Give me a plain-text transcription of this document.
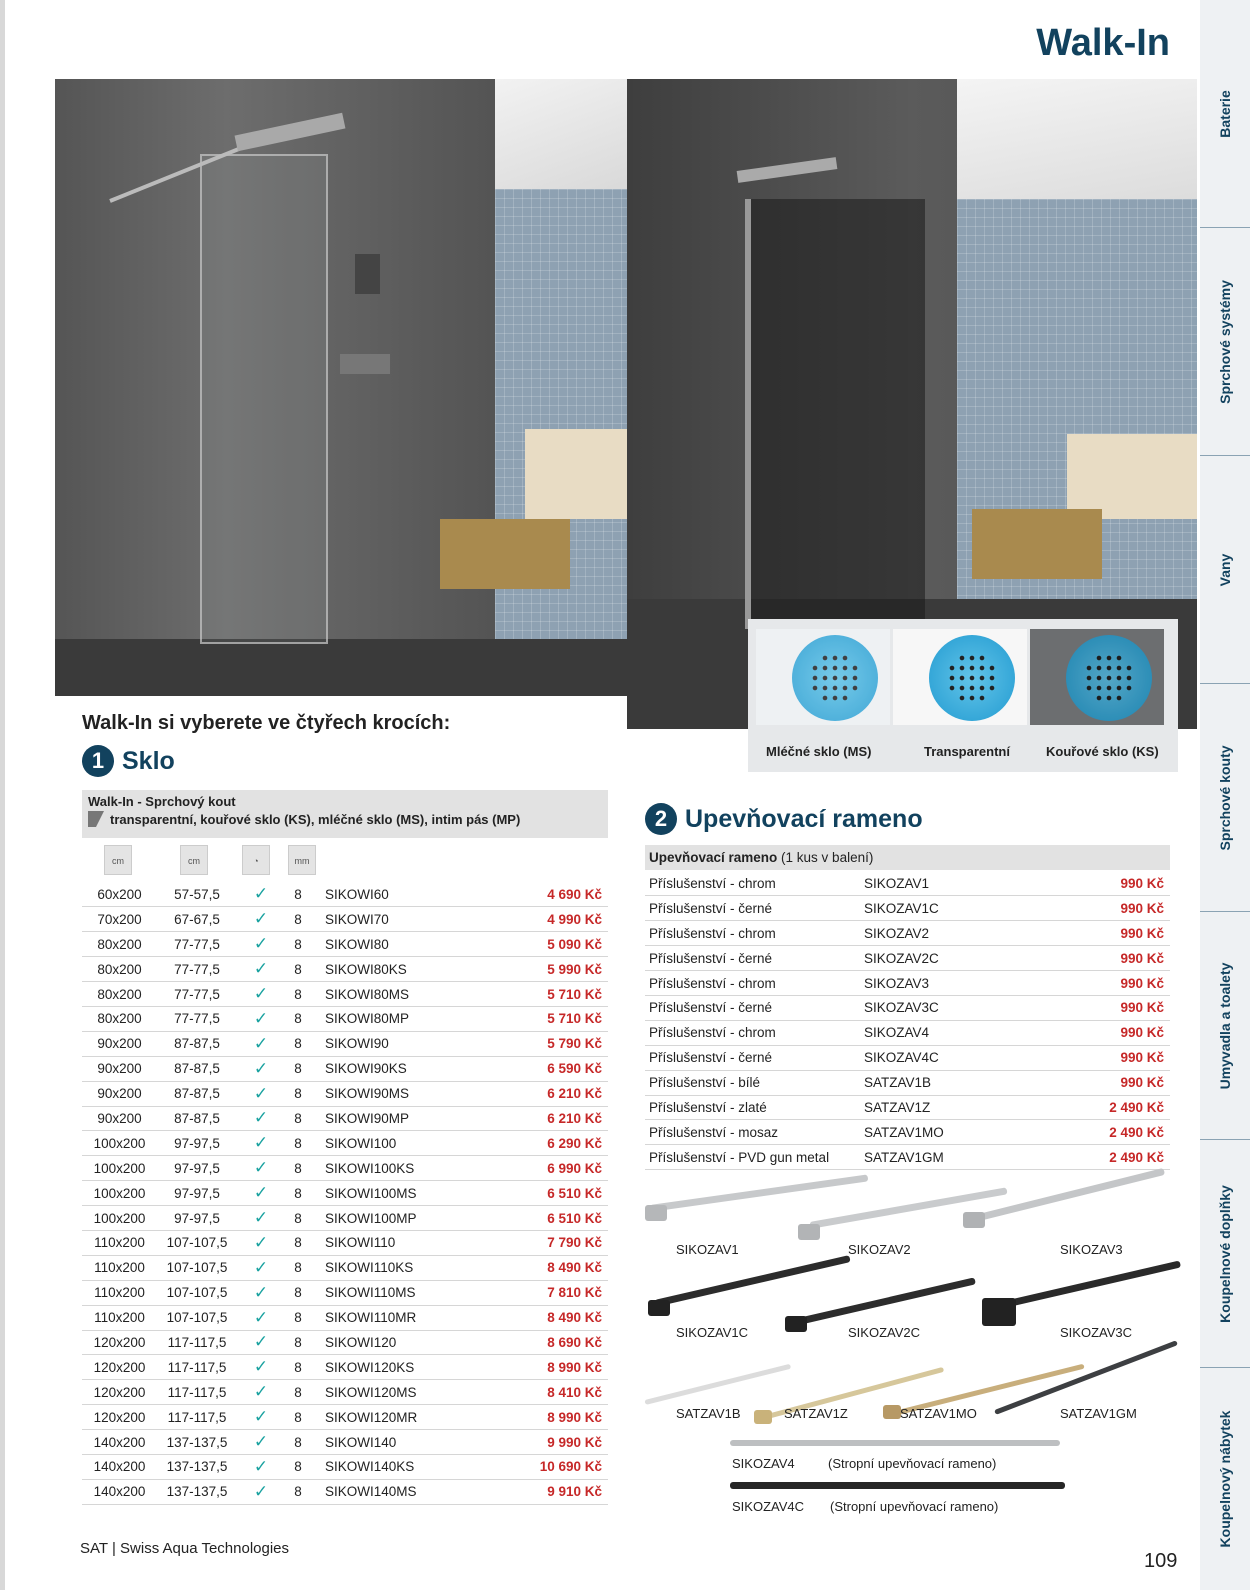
Walk-In
Mléčné sklo (MS)	Transparentní	Kouřové sklo (KS)
Walk-In si vyberete ve čtyřech krocích:
1 Sklo
Walk-In - Sprchový kout
transparentní, kouřové sklo (KS), mléčné sklo (MS), intim pás (MP)
cm	cm	◔	mm
60x200	57-57,5	✓	8	SIKOWI60	4 690 Kč
70x200	67-67,5	✓	8	SIKOWI70	4 990 Kč
80x200	77-77,5	✓	8	SIKOWI80	5 090 Kč
80x200	77-77,5	✓	8	SIKOWI80KS	5 990 Kč
80x200	77-77,5	✓	8	SIKOWI80MS	5 710 Kč
80x200	77-77,5	✓	8	SIKOWI80MP	5 710 Kč
90x200	87-87,5	✓	8	SIKOWI90	5 790 Kč
90x200	87-87,5	✓	8	SIKOWI90KS	6 590 Kč
90x200	87-87,5	✓	8	SIKOWI90MS	6 210 Kč
90x200	87-87,5	✓	8	SIKOWI90MP	6 210 Kč
100x200	97-97,5	✓	8	SIKOWI100	6 290 Kč
100x200	97-97,5	✓	8	SIKOWI100KS	6 990 Kč
100x200	97-97,5	✓	8	SIKOWI100MS	6 510 Kč
100x200	97-97,5	✓	8	SIKOWI100MP	6 510 Kč
110x200	107-107,5	✓	8	SIKOWI110	7 790 Kč
110x200	107-107,5	✓	8	SIKOWI110KS	8 490 Kč
110x200	107-107,5	✓	8	SIKOWI110MS	7 810 Kč
110x200	107-107,5	✓	8	SIKOWI110MR	8 490 Kč
120x200	117-117,5	✓	8	SIKOWI120	8 690 Kč
120x200	117-117,5	✓	8	SIKOWI120KS	8 990 Kč
120x200	117-117,5	✓	8	SIKOWI120MS	8 410 Kč
120x200	117-117,5	✓	8	SIKOWI120MR	8 990 Kč
140x200	137-137,5	✓	8	SIKOWI140	9 990 Kč
140x200	137-137,5	✓	8	SIKOWI140KS	10 690 Kč
140x200	137-137,5	✓	8	SIKOWI140MS	9 910 Kč
2 Upevňovací rameno
Upevňovací rameno (1 kus v balení)
Příslušenství - chrom	SIKOZAV1	990 Kč
Příslušenství - černé	SIKOZAV1C	990 Kč
Příslušenství - chrom	SIKOZAV2	990 Kč
Příslušenství - černé	SIKOZAV2C	990 Kč
Příslušenství - chrom	SIKOZAV3	990 Kč
Příslušenství - černé	SIKOZAV3C	990 Kč
Příslušenství - chrom	SIKOZAV4	990 Kč
Příslušenství - černé	SIKOZAV4C	990 Kč
Příslušenství - bílé	SATZAV1B	990 Kč
Příslušenství - zlaté	SATZAV1Z	2 490 Kč
Příslušenství - mosaz	SATZAV1MO	2 490 Kč
Příslušenství - PVD gun metal	SATZAV1GM	2 490 Kč
SIKOZAV1	SIKOZAV2	SIKOZAV3
SIKOZAV1C	SIKOZAV2C	SIKOZAV3C
SATZAV1B	SATZAV1Z	SATZAV1MO	SATZAV1GM
SIKOZAV4	(Stropní upevňovací rameno)
SIKOZAV4C (Stropní upevňovací rameno)
SAT | Swiss Aqua Technologies
109
Baterie
Sprchové systémy
Vany
Sprchové kouty
Umyvadla a toalety
Koupelnové doplňky
Koupelnový nábytek
